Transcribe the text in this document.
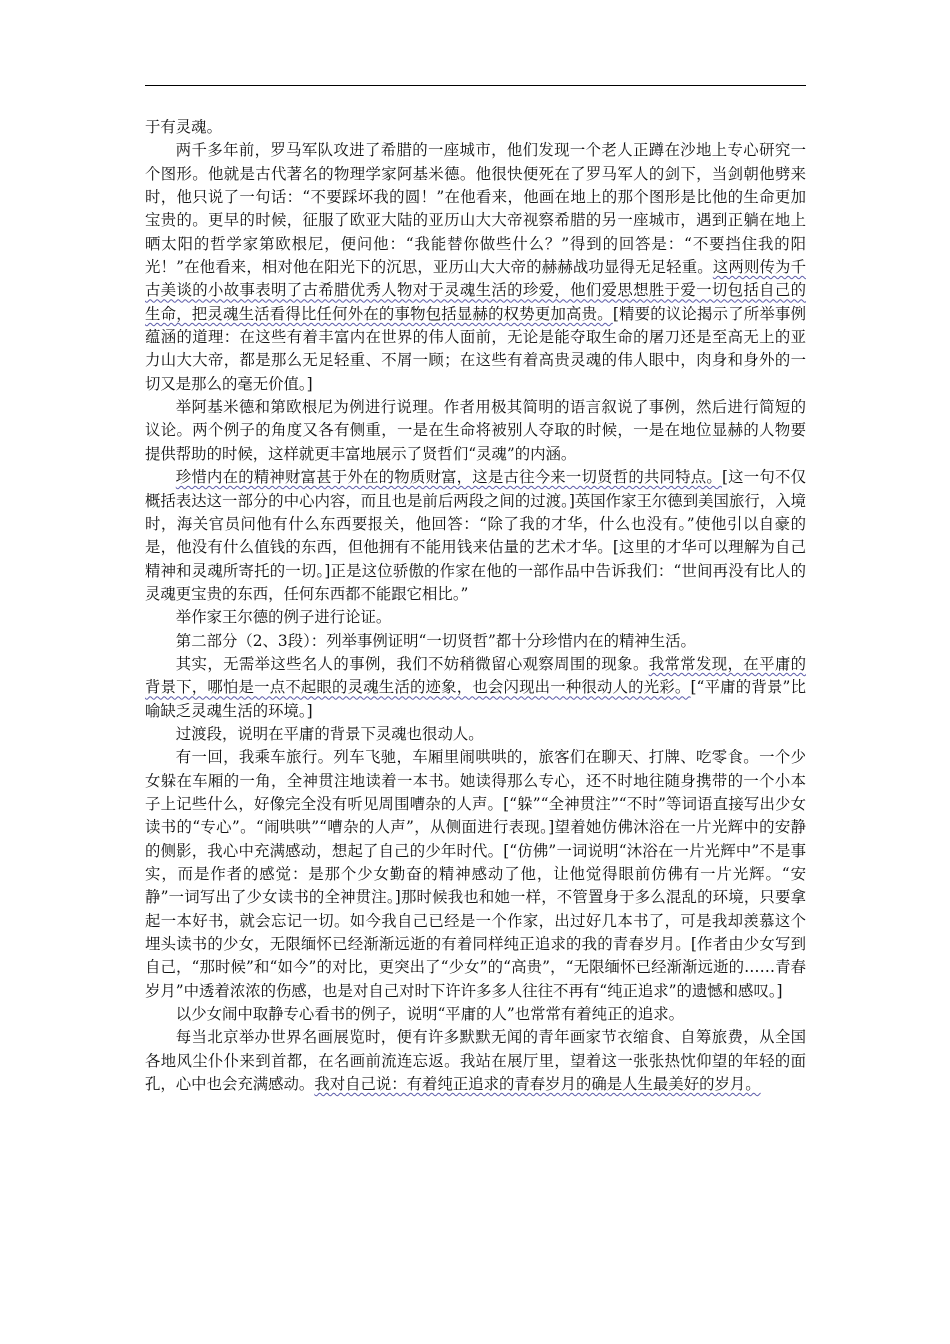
于有灵魂。

两千多年前，罗马军队攻进了希腊的一座城市，他们发现一个老人正蹲在沙地上专心研究一个图形。他就是古代著名的物理学家阿基米德。他很快便死在了罗马军人的剑下，当剑朝他劈来时，他只说了一句话：“不要踩坏我的圆！”在他看来，他画在地上的那个图形是比他的生命更加宝贵的。更早的时候，征服了欧亚大陆的亚历山大大帝视察希腊的另一座城市，遇到正躺在地上晒太阳的哲学家第欧根尼，便问他：“我能替你做些什么？”得到的回答是：“不要挡住我的阳光！”在他看来，相对他在阳光下的沉思，亚历山大大帝的赫赫战功显得无足轻重。这两则传为千古美谈的小故事表明了古希腊优秀人物对于灵魂生活的珍爱，他们爱思想胜于爱一切包括自己的生命，把灵魂生活看得比任何外在的事物包括显赫的权势更加高贵。[精要的议论揭示了所举事例蕴涵的道理：在这些有着丰富内在世界的伟人面前，无论是能夺取生命的屠刀还是至高无上的亚力山大大帝，都是那么无足轻重、不屑一顾；在这些有着高贵灵魂的伟人眼中，肉身和身外的一切又是那么的毫无价值。]

举阿基米德和第欧根尼为例进行说理。作者用极其简明的语言叙说了事例，然后进行简短的议论。两个例子的角度又各有侧重，一是在生命将被别人夺取的时候，一是在地位显赫的人物要提供帮助的时候，这样就更丰富地展示了贤哲们“灵魂”的内涵。

珍惜内在的精神财富甚于外在的物质财富，这是古往今来一切贤哲的共同特点。[这一句不仅概括表达这一部分的中心内容，而且也是前后两段之间的过渡。]英国作家王尔德到美国旅行，入境时，海关官员问他有什么东西要报关，他回答：“除了我的才华，什么也没有。”使他引以自豪的是，他没有什么值钱的东西，但他拥有不能用钱来估量的艺术才华。[这里的才华可以理解为自己精神和灵魂所寄托的一切。]正是这位骄傲的作家在他的一部作品中告诉我们：“世间再没有比人的灵魂更宝贵的东西，任何东西都不能跟它相比。”

举作家王尔德的例子进行论证。

第二部分（2、3段）：列举事例证明“一切贤哲”都十分珍惜内在的精神生活。

其实，无需举这些名人的事例，我们不妨稍微留心观察周围的现象。我常常发现，在平庸的背景下，哪怕是一点不起眼的灵魂生活的迹象，也会闪现出一种很动人的光彩。[“平庸的背景”比喻缺乏灵魂生活的环境。]

过渡段，说明在平庸的背景下灵魂也很动人。

有一回，我乘车旅行。列车飞驰，车厢里闹哄哄的，旅客们在聊天、打牌、吃零食。一个少女躲在车厢的一角，全神贯注地读着一本书。她读得那么专心，还不时地往随身携带的一个小本子上记些什么，好像完全没有听见周围嘈杂的人声。[“躲”“全神贯注”“不时”等词语直接写出少女读书的“专心”。“闹哄哄”“嘈杂的人声”，从侧面进行表现。]望着她仿佛沐浴在一片光辉中的安静的侧影，我心中充满感动，想起了自己的少年时代。[“仿佛”一词说明“沐浴在一片光辉中”不是事实，而是作者的感觉：是那个少女勤奋的精神感动了他，让他觉得眼前仿佛有一片光辉。“安静”一词写出了少女读书的全神贯注。]那时候我也和她一样，不管置身于多么混乱的环境，只要拿起一本好书，就会忘记一切。如今我自己已经是一个作家，出过好几本书了，可是我却羡慕这个埋头读书的少女，无限缅怀已经渐渐远逝的有着同样纯正追求的我的青春岁月。[作者由少女写到自己，“那时候”和“如今”的对比，更突出了“少女”的“高贵”，“无限缅怀已经渐渐远逝的……青春岁月”中透着浓浓的伤感，也是对自己对时下许许多多人往往不再有“纯正追求”的遗憾和感叹。]

以少女闹中取静专心看书的例子，说明“平庸的人”也常常有着纯正的追求。

每当北京举办世界名画展览时，便有许多默默无闻的青年画家节衣缩食、自筹旅费，从全国各地风尘仆仆来到首都，在名画前流连忘返。我站在展厅里，望着这一张张热忱仰望的年轻的面孔，心中也会充满感动。我对自己说：有着纯正追求的青春岁月的确是人生最美好的岁月。
